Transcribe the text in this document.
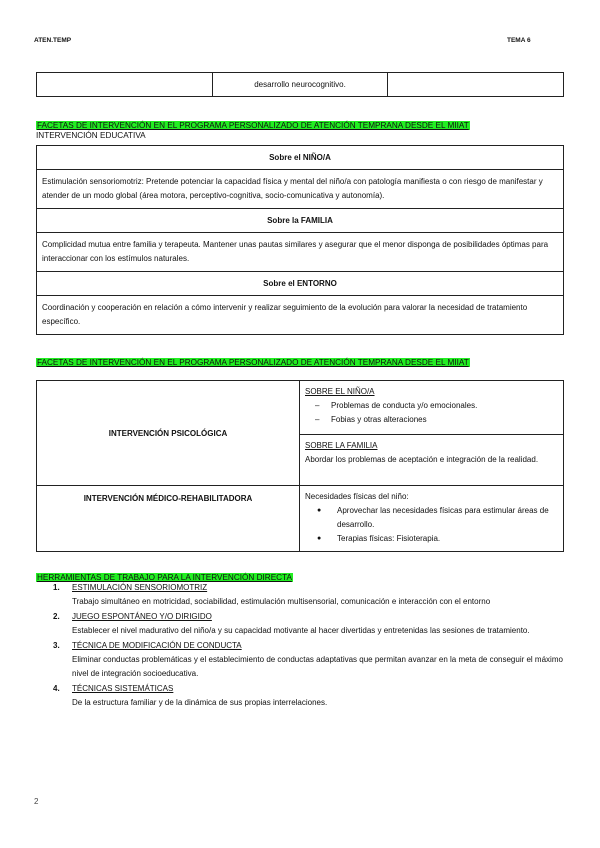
ATEN.TEMP	TEMA 6
desarrollo neurocognitivo.
FACETAS DE INTERVENCIÓN EN EL PROGRAMA PERSONALIZADO DE ATENCIÓN TEMPRANA DESDE EL MIIAT
INTERVENCIÓN EDUCATIVA
Sobre el NIÑO/A
Estimulación sensoriomotriz: Pretende potenciar la capacidad física y mental del niño/a con patología manifiesta o con riesgo de manifestar y atender de un modo global (área motora, perceptivo-cognitiva, socio-comunicativa y autonomía).
Sobre la FAMILIA
Complicidad mutua entre familia y terapeuta. Mantener unas pautas similares y asegurar que el menor disponga de posibilidades óptimas para interaccionar con los estímulos naturales.
Sobre el ENTORNO
Coordinación y cooperación en relación a cómo intervenir y realizar seguimiento de la evolución para valorar la necesidad de tratamiento específico.
FACETAS DE INTERVENCIÓN EN EL PROGRAMA PERSONALIZADO DE ATENCIÓN TEMPRANA DESDE EL MIIAT
INTERVENCIÓN PSICOLÓGICA
SOBRE EL NIÑO/A
– Problemas de conducta y/o emocionales.
– Fobias y otras alteraciones
SOBRE LA FAMILIA
Abordar los problemas de aceptación e integración de la realidad.
INTERVENCIÓN MÉDICO-REHABILITADORA	Necesidades físicas del niño:
● Aprovechar las necesidades físicas para estimular áreas de desarrollo.
● Terapias físicas: Fisioterapia.
HERRAMIENTAS DE TRABAJO PARA LA INTERVENCIÓN DIRECTA
1. ESTIMULACIÓN SENSORIOMOTRIZ
Trabajo simultáneo en motricidad, sociabilidad, estimulación multisensorial, comunicación e interacción con el entorno
2. JUEGO ESPONTÁNEO Y/O DIRIGIDO
Establecer el nivel madurativo del niño/a y su capacidad motivante al hacer divertidas y entretenidas las sesiones de tratamiento.
3. TÉCNICA DE MODIFICACIÓN DE CONDUCTA
Eliminar conductas problemáticas y el establecimiento de conductas adaptativas que permitan avanzar en la meta de conseguir el máximo nivel de integración socioeducativa.
4. TÉCNICAS SISTEMÁTICAS
De la estructura familiar y de la dinámica de sus propias interrelaciones.
2
